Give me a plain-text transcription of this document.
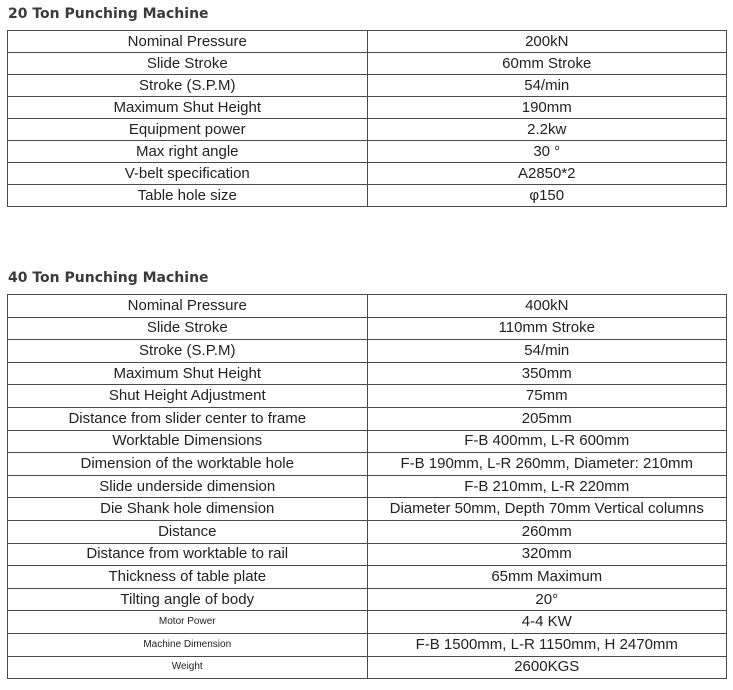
20 Ton Punching Machine
Nominal Pressure	200kN
Slide Stroke	60mm Stroke
Stroke (S.P.M)	54/min
Maximum Shut Height	190mm
Equipment power	2.2kw
Max right angle	30 °
V-belt specification	A2850*2
Table hole size	φ150
40 Ton Punching Machine
Nominal Pressure	400kN
Slide Stroke	110mm Stroke
Stroke (S.P.M)	54/min
Maximum Shut Height	350mm
Shut Height Adjustment	75mm
Distance from slider center to frame	205mm
Worktable Dimensions	F-B 400mm, L-R 600mm
Dimension of the worktable hole	F-B 190mm, L-R 260mm, Diameter: 210mm
Slide underside dimension	F-B 210mm, L-R 220mm
Die Shank hole dimension	Diameter 50mm, Depth 70mm Vertical columns
Distance	260mm
Distance from worktable to rail	320mm
Thickness of table plate	65mm Maximum
Tilting angle of body	20°
Motor Power	4-4 KW
Machine Dimension	F-B 1500mm, L-R 1150mm, H 2470mm
Weight	2600KGS
